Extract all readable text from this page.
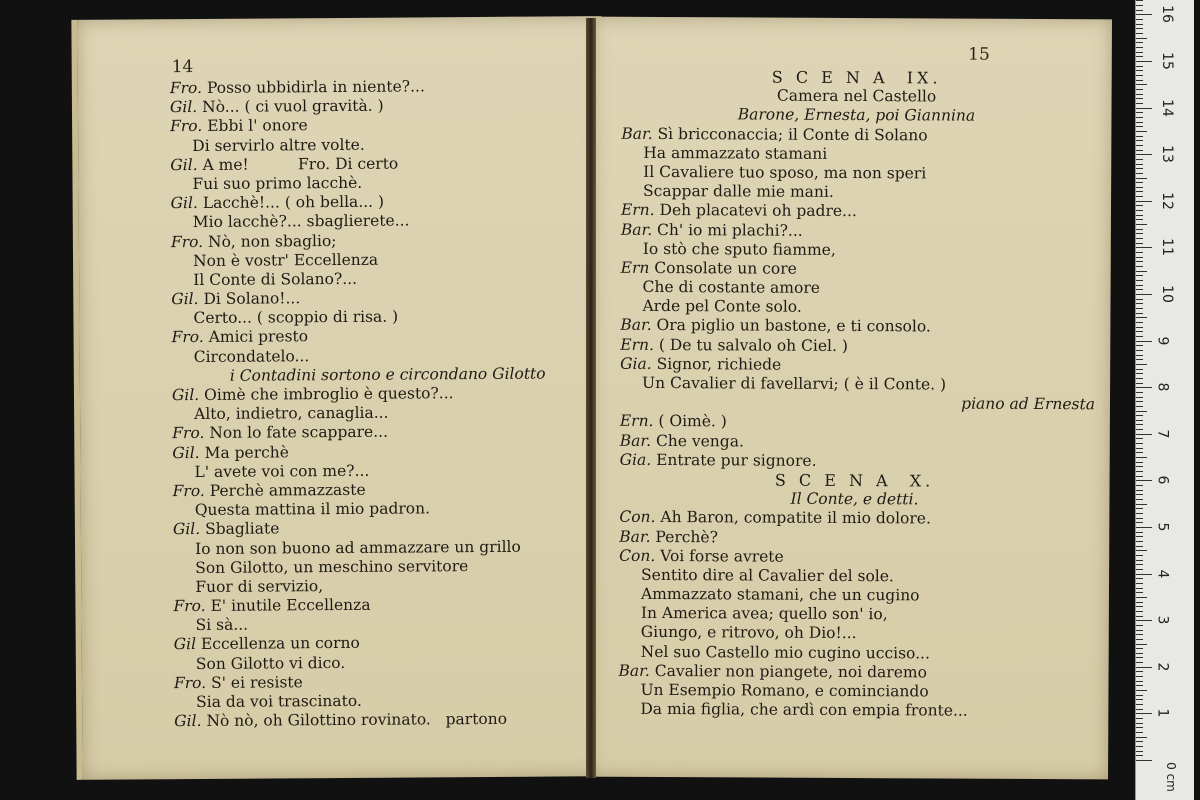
14
Fro. Posso ubbidirla in niente?...
Gil. Nò... ( ci vuol gravità. )
Fro. Ebbi l' onore
Di servirlo altre volte.
Gil. A me!          Fro. Di certo
Fui suo primo lacchè.
Gil. Lacchè!... ( oh bella... )
Mio lacchè?... sbaglierete...
Fro. Nò, non sbaglio;
Non è vostr' Eccellenza
Il Conte di Solano?...
Gil. Di Solano!...
Certo... ( scoppio di risa. )
Fro. Amici presto
Circondatelo...
i Contadini sortono e circondano Gilotto
Gil. Oimè che imbroglio è questo?...
Alto, indietro, canaglia...
Fro. Non lo fate scappare...
Gil. Ma perchè
L' avete voi con me?...
Fro. Perchè ammazzaste
Questa mattina il mio padron.
Gil. Sbagliate
Io non son buono ad ammazzare un grillo
Son Gilotto, un meschino servitore
Fuor di servizio,
Fro. E' inutile Eccellenza
Si sà...
Gil Eccellenza un corno
Son Gilotto vi dico.
Fro. S' ei resiste
Sia da voi trascinato.
Gil. Nò nò, oh Gilottino rovinato.   partono
15
S C E N A  IX.
Camera nel Castello
Barone, Ernesta, poi Giannina
Bar. Sì bricconaccia; il Conte di Solano
Ha ammazzato stamani
Il Cavaliere tuo sposo, ma non speri
Scappar dalle mie mani.
Ern. Deh placatevi oh padre...
Bar. Ch' io mi plachi?...
Io stò che sputo fiamme,
Ern Consolate un core
Che di costante amore
Arde pel Conte solo.
Bar. Ora piglio un bastone, e ti consolo.
Ern. ( De tu salvalo oh Ciel. )
Gia. Signor, richiede
Un Cavalier di favellarvi; ( è il Conte. )
piano ad Ernesta
Ern. ( Oimè. )
Bar. Che venga.
Gia. Entrate pur signore.
S C E N A  X.
Il Conte, e detti.
Con. Ah Baron, compatite il mio dolore.
Bar. Perchè?
Con. Voi forse avrete
Sentito dire al Cavalier del sole.
Ammazzato stamani, che un cugino
In America avea; quello son' io,
Giungo, e ritrovo, oh Dio!...
Nel suo Castello mio cugino ucciso...
Bar. Cavalier non piangete, noi daremo
Un Esempio Romano, e cominciando
Da mia figlia, che ardì con empia fronte...
0 cm
1
2
3
4
5
6
7
8
9
10
11
12
13
14
15
16
